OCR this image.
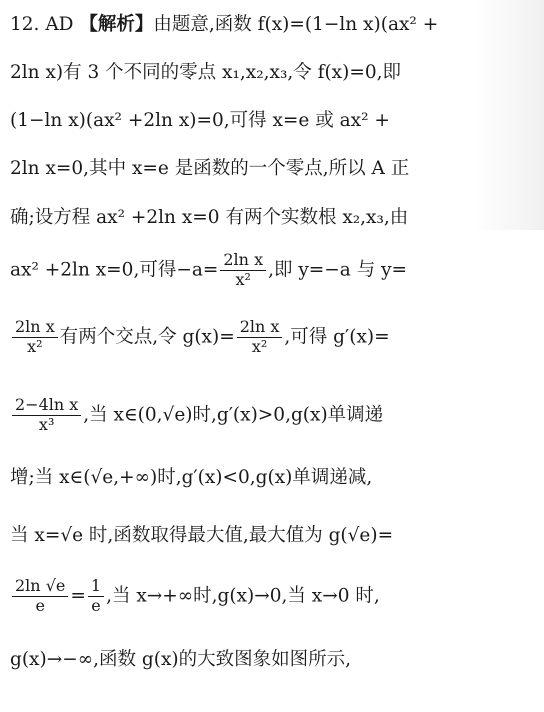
12. AD 【解析】由题意,函数 f(x)=(1−ln x)(ax² +
2ln x)有 3 个不同的零点 x₁,x₂,x₃,令 f(x)=0,即
(1−ln x)(ax² +2ln x)=0,可得 x=e 或 ax² +
2ln x=0,其中 x=e 是函数的一个零点,所以 A 正
确;设方程 ax² +2ln x=0 有两个实数根 x₂,x₃,由
ax² +2ln x=0,可得$-a= \frac{\text{2ln x}}{\text{x²}}$ ,即 y=−a 与 y=
$\frac{\text{2ln x}}{\text{x²}}$ 有两个交点,令 $g(x)= \frac{\text{2ln x}}{\text{x²}}$ ,可得 g′(x)=
$\frac{\text{2−4ln x}}{\text{x³}}$ ,当 x∈(0,√e)时,g′(x)>0,g(x)单调递
增;当 x∈(√e,+∞)时,g′(x)<0,g(x)单调递减,
当 x=√e 时,函数取得最大值,最大值为 g(√e)=
$\frac{2\ln √e}{e} = \frac{1}{e}$ ,当 x→+∞时,g(x)→0,当 x→0 时,
g(x)→−∞,函数 g(x)的大致图象如图所示,
